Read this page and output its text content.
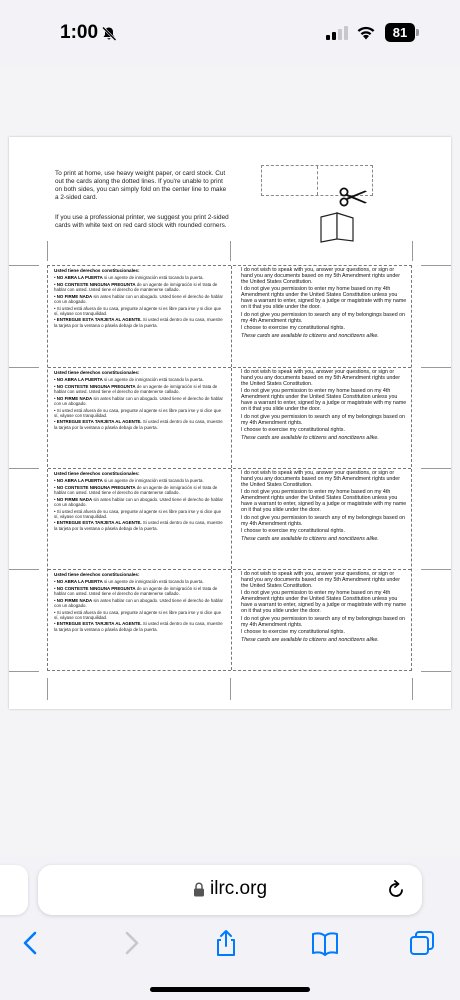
1:00	81

To print at home, use heavy weight paper, or card stock. Cut out the cards along the dotted lines. If you're unable to print on both sides, you can simply fold on the center line to make a 2-sided card.

If you use a professional printer, we suggest you print 2-sided cards with white text on red card stock with rounded corners.

Usted tiene derechos constitucionales:
• NO ABRA LA PUERTA si un agente de inmigración está tocando la puerta.
• NO CONTESTE NINGUNA PREGUNTA de un agente de inmigración si el trata de hablar con usted. Usted tiene el derecho de mantenerse callado.
• NO FIRME NADA sin antes hablar con un abogado. Usted tiene el derecho de hablar con un abogado.
• Si usted está afuera de su casa, pregunte al agente si es libre para irse y si dice que sí, váyase con tranquilidad.
• ENTREGUE ESTA TARJETA AL AGENTE. Si usted está dentro de su casa, muestre la tarjeta por la ventana o pásela debajo de la puerta.
I do not wish to speak with you, answer your questions, or sign or hand you any documents based on my 5th Amendment rights under the United States Constitution.
I do not give you permission to enter my home based on my 4th Amendment rights under the United States Constitution unless you have a warrant to enter, signed by a judge or magistrate with my name on it that you slide under the door.
I do not give you permission to search any of my belongings based on my 4th Amendment rights.
I choose to exercise my constitutional rights.
These cards are available to citizens and noncitizens alike.
Usted tiene derechos constitucionales:
• NO ABRA LA PUERTA si un agente de inmigración está tocando la puerta.
• NO CONTESTE NINGUNA PREGUNTA de un agente de inmigración si el trata de hablar con usted. Usted tiene el derecho de mantenerse callado.
• NO FIRME NADA sin antes hablar con un abogado. Usted tiene el derecho de hablar con un abogado.
• Si usted está afuera de su casa, pregunte al agente si es libre para irse y si dice que sí, váyase con tranquilidad.
• ENTREGUE ESTA TARJETA AL AGENTE. Si usted está dentro de su casa, muestre la tarjeta por la ventana o pásela debajo de la puerta.
I do not wish to speak with you, answer your questions, or sign or hand you any documents based on my 5th Amendment rights under the United States Constitution.
I do not give you permission to enter my home based on my 4th Amendment rights under the United States Constitution unless you have a warrant to enter, signed by a judge or magistrate with my name on it that you slide under the door.
I do not give you permission to search any of my belongings based on my 4th Amendment rights.
I choose to exercise my constitutional rights.
These cards are available to citizens and noncitizens alike.
Usted tiene derechos constitucionales:
• NO ABRA LA PUERTA si un agente de inmigración está tocando la puerta.
• NO CONTESTE NINGUNA PREGUNTA de un agente de inmigración si el trata de hablar con usted. Usted tiene el derecho de mantenerse callado.
• NO FIRME NADA sin antes hablar con un abogado. Usted tiene el derecho de hablar con un abogado.
• Si usted está afuera de su casa, pregunte al agente si es libre para irse y si dice que sí, váyase con tranquilidad.
• ENTREGUE ESTA TARJETA AL AGENTE. Si usted está dentro de su casa, muestre la tarjeta por la ventana o pásela debajo de la puerta.
I do not wish to speak with you, answer your questions, or sign or hand you any documents based on my 5th Amendment rights under the United States Constitution.
I do not give you permission to enter my home based on my 4th Amendment rights under the United States Constitution unless you have a warrant to enter, signed by a judge or magistrate with my name on it that you slide under the door.
I do not give you permission to search any of my belongings based on my 4th Amendment rights.
I choose to exercise my constitutional rights.
These cards are available to citizens and noncitizens alike.
Usted tiene derechos constitucionales:
• NO ABRA LA PUERTA si un agente de inmigración está tocando la puerta.
• NO CONTESTE NINGUNA PREGUNTA de un agente de inmigración si el trata de hablar con usted. Usted tiene el derecho de mantenerse callado.
• NO FIRME NADA sin antes hablar con un abogado. Usted tiene el derecho de hablar con un abogado.
• Si usted está afuera de su casa, pregunte al agente si es libre para irse y si dice que sí, váyase con tranquilidad.
• ENTREGUE ESTA TARJETA AL AGENTE. Si usted está dentro de su casa, muestre la tarjeta por la ventana o pásela debajo de la puerta.
I do not wish to speak with you, answer your questions, or sign or hand you any documents based on my 5th Amendment rights under the United States Constitution.
I do not give you permission to enter my home based on my 4th Amendment rights under the United States Constitution unless you have a warrant to enter, signed by a judge or magistrate with my name on it that you slide under the door.
I do not give you permission to search any of my belongings based on my 4th Amendment rights.
I choose to exercise my constitutional rights.
These cards are available to citizens and noncitizens alike.
ilrc.org
